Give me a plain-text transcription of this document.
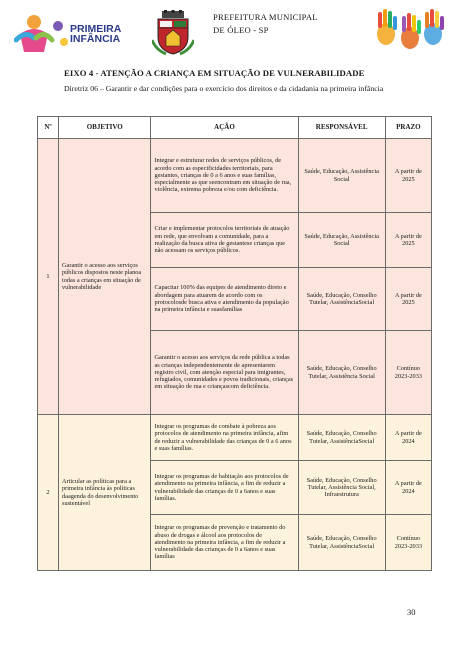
PRIMEIRA
INFÂNCIA
PREFEITURA MUNICIPAL
DE ÓLEO - SP
EIXO 4 - ATENÇÃO A CRIANÇA EM SITUAÇÃO DE VULNERABILIDADE
Diretriz 06 – Garantir e dar condições para o exercício dos direitos e da cidadania na primeira infância
Nº	OBJETIVO	AÇÃO	RESPONSÁVEL	PRAZO
1	Garantir o acesso aos serviços públicos dispostos neste planoa todas a crianças em situação de vulnerabilidade	Integrar e estruturar redes de serviços públicos, de acordo com as especificidades territoriais, para gestantes, crianças de 0 a 6 anos e suas famílias, especialmente as que seencontram em situação de rua, violência, extrema pobreza e/ou com deficiência.	Saúde, Educação, Assistência Social	A partir de 2025
		Criar e implementar protocolos territoriais de atuação em rede, que envolvam a comunidade, para a realização da busca ativa de gestantese crianças que não acessam os serviços públicos.	Saúde, Educação, Assistência Social	A partir de 2025
		Capacitar 100% das equipes de atendimento direto e abordagem para atuarem de acordo com os protocolosde busca ativa e atendimento da população na primeira infância e suasfamílias	Saúde, Educação, Conselho Tutelar, AssistênciaSocial	A partir de 2025
		Garantir o acesso aos serviços da rede pública a todas as crianças independentemente de apresentarem registro civil, com atenção especial para imigrantes, refugiados, comunidades e povos tradicionais, crianças em situação de rua e criançascom deficiência.	Saúde, Educação, Conselho Tutelar, Assistência Social	Contínuo 2023-2033
2	Articular as políticas para a primeira infância às políticas daagenda do desenvolvimento sustentável	Integrar os programas de combate à pobreza aos protocolos de atendimento na primeira infância, afim de reduzir a vulnerabilidade das crianças de 0 a 6 anos e suas famílias.	Saúde, Educação, Conselho Tutelar, AssistênciaSocial	A partir de 2024
		Integrar os programas de habitação aos protocolos de atendimento na primeira infância, a fim de reduzir a vulnerabilidade das crianças de 0 a 6anos e suas famílias.	Saúde, Educação, Conselho Tutelar, Assistência Social, Infraestrutura	A partir de 2024
		Integrar os programas de prevenção e tratamento do abuso de drogas e álcool aos protocolos de atendimento na primeira infância, a fim de reduzir a vulnerabilidade das crianças de 0 a 6anos e suas famílias	Saúde, Educação, Conselho Tutelar, AssistênciaSocial	Contínuo 2023-2033
30
